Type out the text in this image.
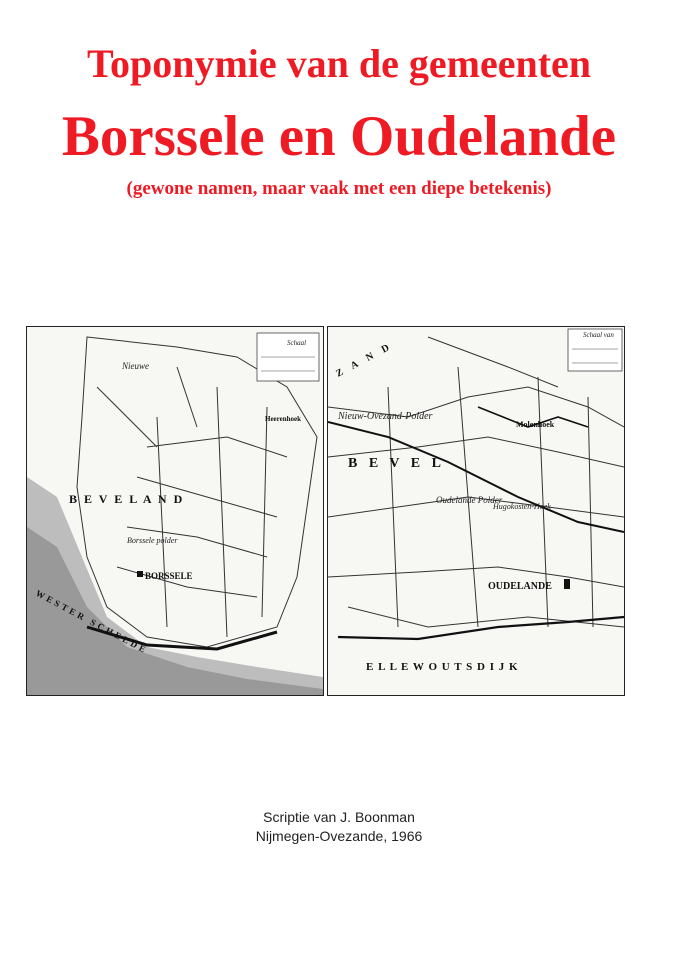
Toponymie van de gemeenten
Borssele en Oudelande
(gewone namen, maar vaak met een diepe betekenis)
Schaal
Nieuwe
Borssele polder
BORSSELE
Heerenhoek
B E V E L A N D
WESTER SCHELDE
Schaal van
Nieuw-Ovezand-Polder
Oudelande Polder
Molenhoek
Hugokosten-Hoek
OUDELANDE
B E V E L
Z A N D
E L L E W O U T S D I J K
Scriptie van J. Boonman
Nijmegen-Ovezande, 1966
